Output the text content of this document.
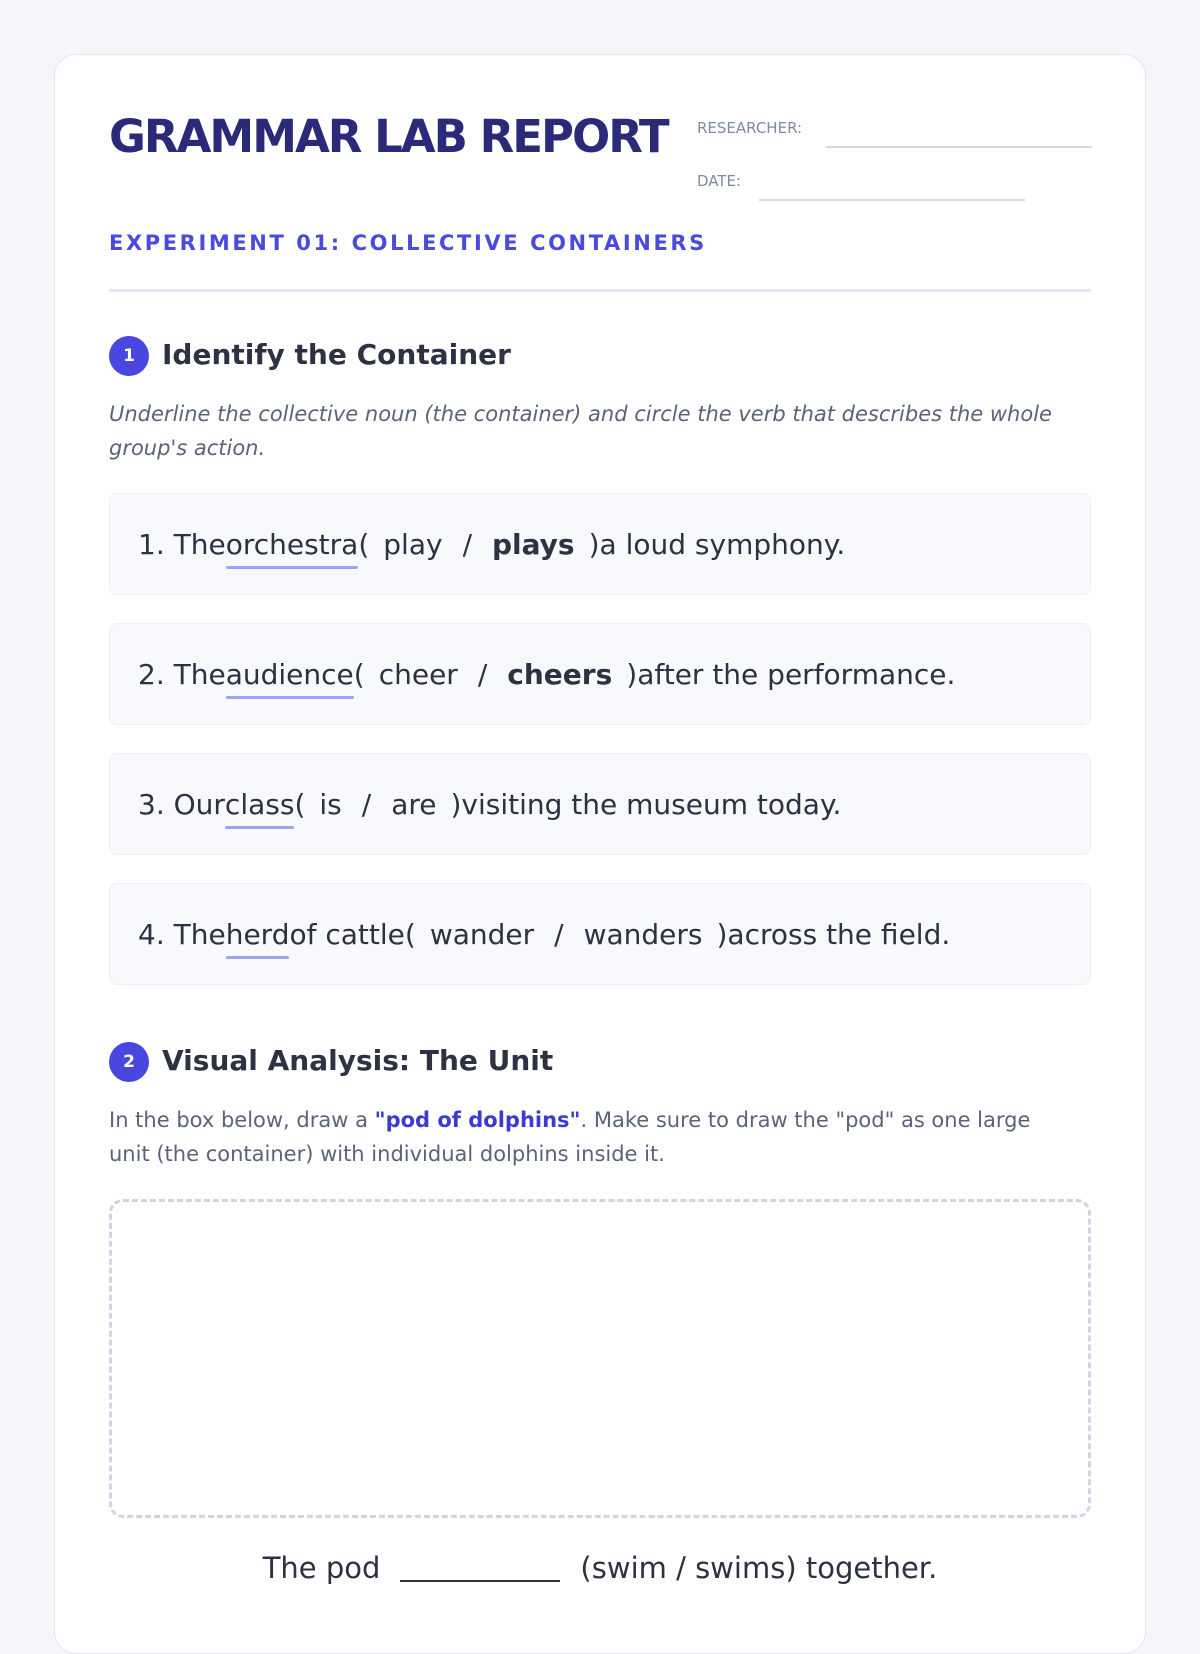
GRAMMAR LAB REPORT
EXPERIMENT 01: COLLECTIVE CONTAINERS
RESEARCHER:
DATE:
1 Identify the Container
Underline the collective noun (the container) and circle the verb that describes the whole group's action.
1. The orchestra ( play / plays ) a loud symphony.
2. The audience ( cheer / cheers ) after the performance.
3. Our class ( is / are ) visiting the museum today.
4. The herd of cattle ( wander / wanders ) across the field.
2 Visual Analysis: The Unit
In the box below, draw a "pod of dolphins". Make sure to draw the "pod" as one large unit (the container) with individual dolphins inside it.
The pod	(swim / swims) together.
